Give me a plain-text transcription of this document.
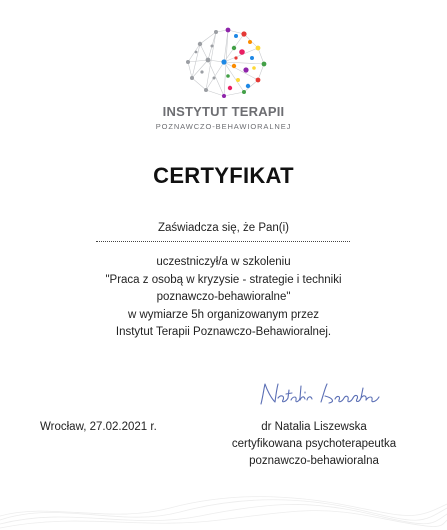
INSTYTUT TERAPII
POZNAWCZO-BEHAWIORALNEJ
CERTYFIKAT
Zaświadcza się, że Pan(i)
uczestniczył/a w szkoleniu
"Praca z osobą w kryzysie - strategie i techniki
poznawczo-behawioralne"
w wymiarze 5h organizowanym przez
Instytut Terapii Poznawczo-Behawioralnej.
Wrocław, 27.02.2021 r.	dr Natalia Liszewska
certyfikowana psychoterapeutka
poznawczo-behawioralna
